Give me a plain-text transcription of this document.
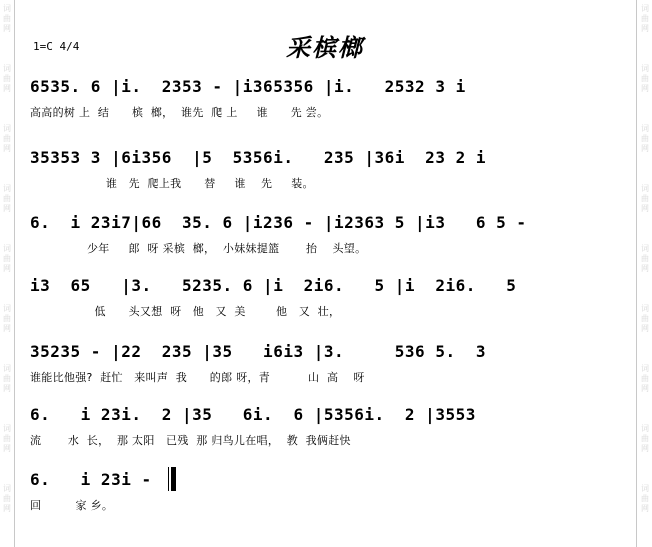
词
曲
网
词
曲
网
词
曲
网
词
曲
网
词
曲
网
词
曲
网
词
曲
网
词
曲
网
词
曲
网
词
曲
网
词
曲
网
词
曲
网
词
曲
网
词
曲
网
词
曲
网
词
曲
网
词
曲
网
词
曲
网
采槟榔
1=C 4/4
6535. 6 |i.  2353 - |i365356 |i.   2532 3 i
高高的树 上  结      槟  榔，  谁先  爬 上     谁      先 尝。
35353 3 |6i356  |5  5356i.   235 |36i  23 2 i
谁   先  爬上我      替     谁    先     装。
6.  i 23i7|66  35. 6 |i236 - |i2363 5 |i3   6 5 -
少年     郎  呀 采槟  榔，  小妹妹提篮       抬    头望。
i3  65   |3.   5235. 6 |i  2i6.   5 |i  2i6.   5
低      头又想  呀   他   又  美        他   又  壮，
35235 - |22  235 |35   i6i3 |3.     536 5.  3
谁能比他强?  赶忙   来叫声  我      的郎 呀，青          山  高    呀
6.   i 23i.  2 |35   6i.  6 |5356i.  2 |3553
流       水  长，  那 太阳   已残  那 归鸟儿在唱，  教  我俩赶快
6.   i 23i -
回         家 乡。
